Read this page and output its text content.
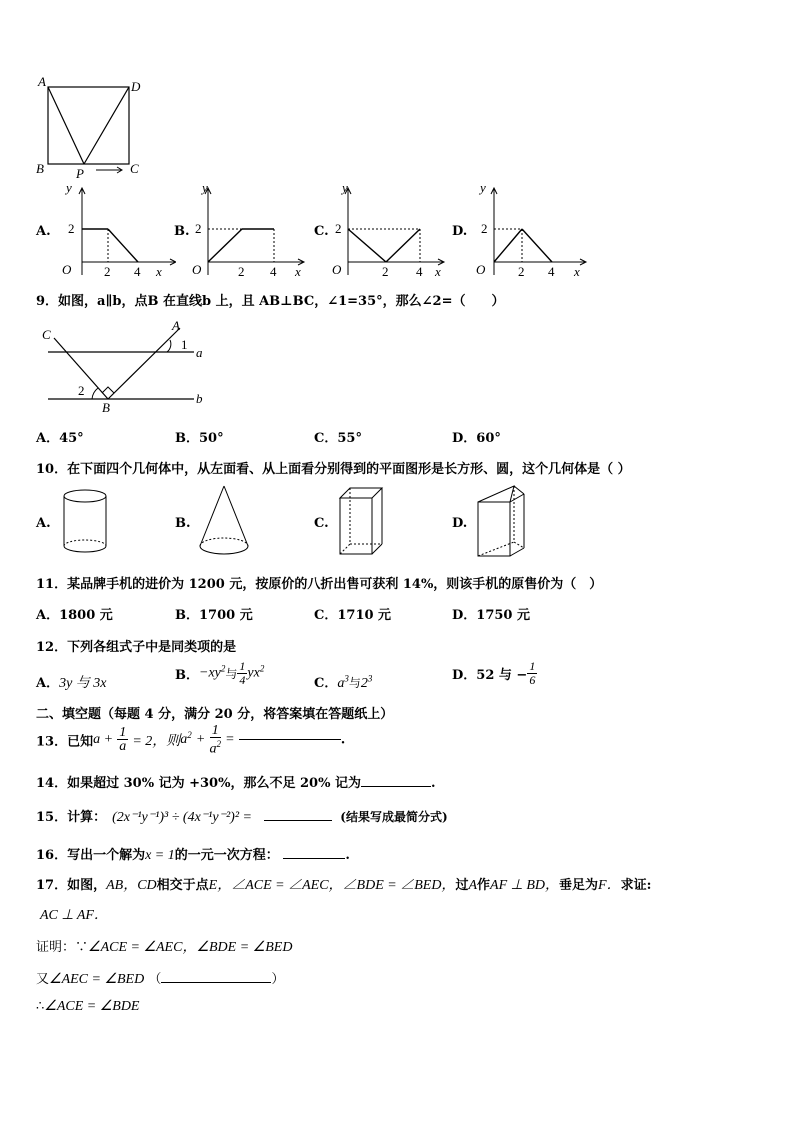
A	D
B	C
P
A.
y
2
O	2 4 x
B.
y
2
O	2 4 x
C.
y
2
O	2 4 x
D.
y
2
O	2 4 x
9．如图，a∥b，点B 在直线b 上，且 AB⊥BC，∠1=35°，那么∠2=（　　）
C
A
1
a
2
B
b
A．45°	B．50°	C．55°	D．60°
10．在下面四个几何体中，从左面看、从上面看分别得到的平面图形是长方形、圆，这个几何体是（ ）
A.	B.	C.	D.
11．某品牌手机的进价为 1200 元，按原价的八折出售可获利 14%，则该手机的原售价为（　）
A．1800 元	B．1700 元	C．1710 元	D．1750 元
12．下列各组式子中是同类项的是
A．3y 与 3x
B．$-xy^2$与 $\frac{1}{4} yx^2$
C．$a^3$与$2^3$	D．52 与 − $\frac{1}{6}$
二、填空题（每题 4 分，满分 20 分，将答案填在答题纸上）
13．已知$a + \frac{1}{a} = 2$，则$a^2 + \frac{1}{a^2}$ =	.
14．如果超过 30% 记为 +30%，那么不足 20% 记为	.
15．计算： (2x⁻¹y⁻¹)³ ÷ (4x⁻¹y⁻²)² =	(结果写成最简分式)
16．写出一个解为x = 1的一元一次方程：	.
17．如图，AB，CD相交于点E，∠ACE = ∠AEC，∠BDE = ∠BED，过A作AF ⊥ BD，垂足为F．求证:
AC ⊥ AF．
证明：∵∠ACE = ∠AEC，∠BDE = ∠BED
又∠AEC = ∠BED （	）
∴∠ACE = ∠BDE
